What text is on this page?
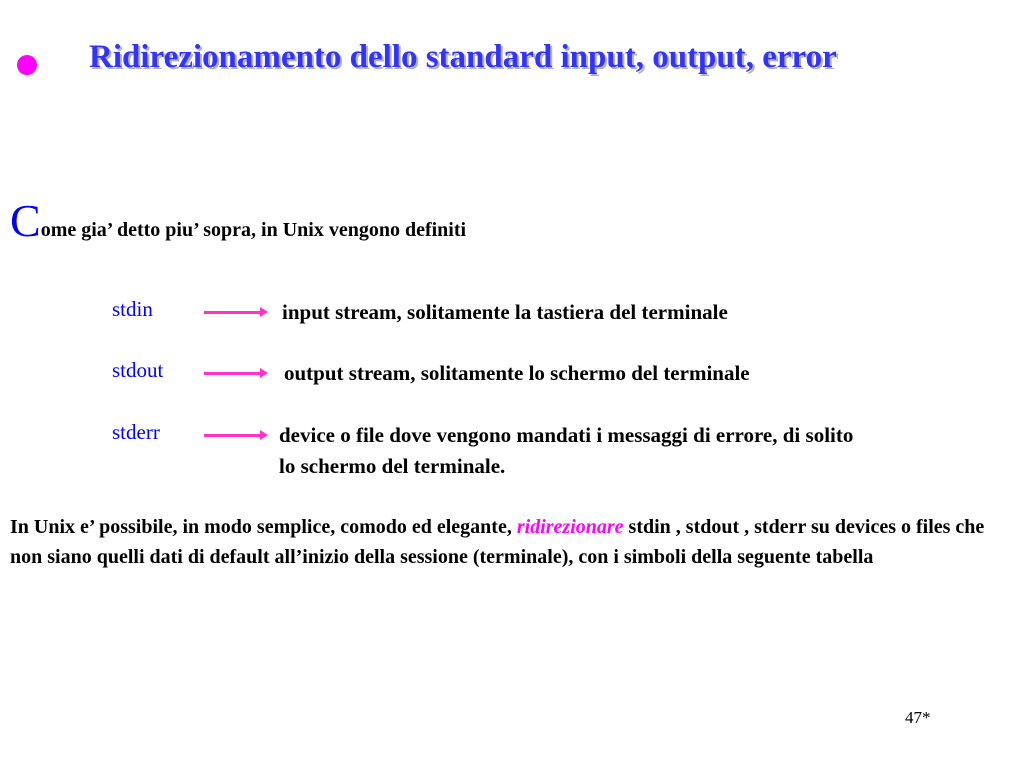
Ridirezionamento dello standard input, output, error
Come gia’ detto piu’ sopra, in Unix vengono definiti
stdin	input stream, solitamente la tastiera del terminale
stdout	output stream, solitamente lo schermo del terminale
stderr	device o file dove vengono mandati i messaggi di errore, di solito
lo schermo del terminale.
In Unix e’ possibile, in modo semplice, comodo ed elegante, ridirezionare stdin , stdout , stderr su devices o files che non siano quelli dati di default all’inizio della sessione (terminale), con i simboli della seguente tabella
47*
